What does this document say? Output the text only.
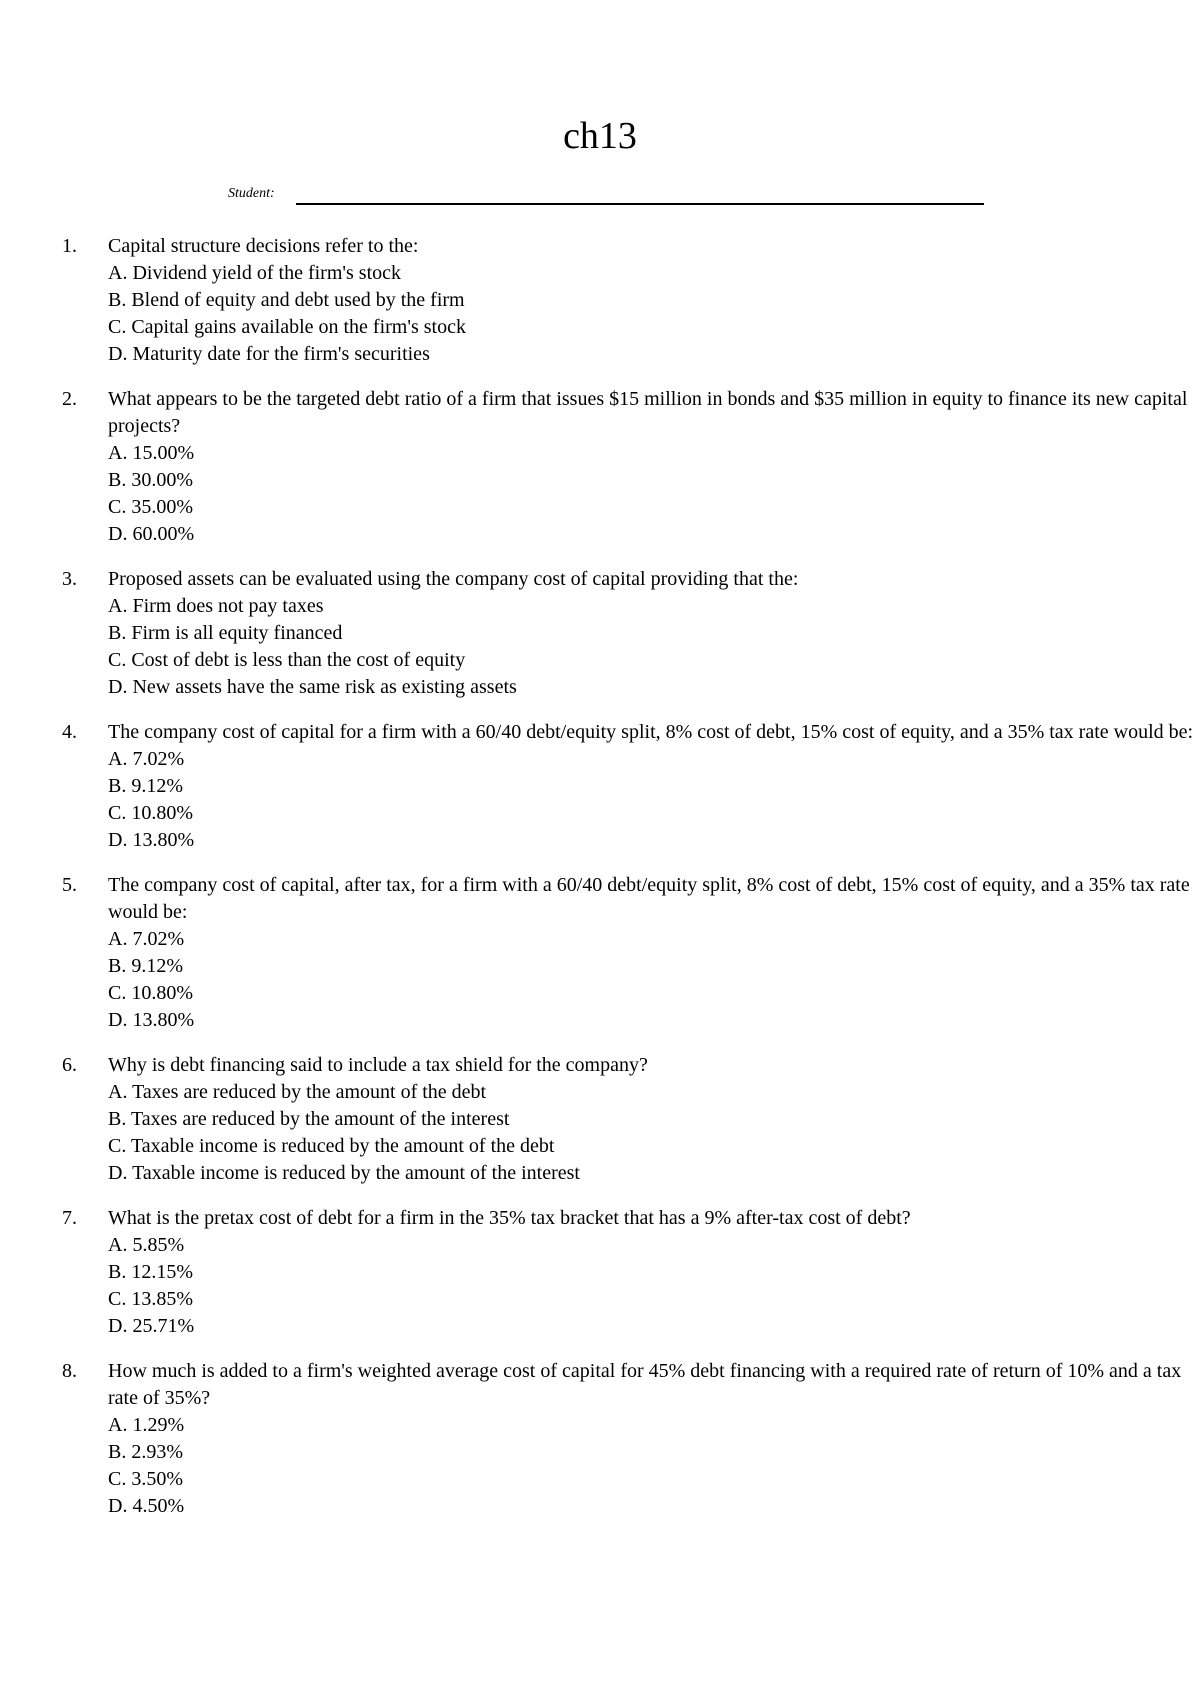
ch13
Student:
1.	Capital structure decisions refer to the:
A. Dividend yield of the firm's stock
B. Blend of equity and debt used by the firm
C. Capital gains available on the firm's stock
D. Maturity date for the firm's securities
2.	What appears to be the targeted debt ratio of a firm that issues $15 million in bonds and $35 million in equity to finance its new capital projects?
A. 15.00%
B. 30.00%
C. 35.00%
D. 60.00%
3.	Proposed assets can be evaluated using the company cost of capital providing that the:
A. Firm does not pay taxes
B. Firm is all equity financed
C. Cost of debt is less than the cost of equity
D. New assets have the same risk as existing assets
4.	The company cost of capital for a firm with a 60/40 debt/equity split, 8% cost of debt, 15% cost of equity, and a 35% tax rate would be:
A. 7.02%
B. 9.12%
C. 10.80%
D. 13.80%
5.	The company cost of capital, after tax, for a firm with a 60/40 debt/equity split, 8% cost of debt, 15% cost of equity, and a 35% tax rate would be:
A. 7.02%
B. 9.12%
C. 10.80%
D. 13.80%
6.	Why is debt financing said to include a tax shield for the company?
A. Taxes are reduced by the amount of the debt
B. Taxes are reduced by the amount of the interest
C. Taxable income is reduced by the amount of the debt
D. Taxable income is reduced by the amount of the interest
7.	What is the pretax cost of debt for a firm in the 35% tax bracket that has a 9% after-tax cost of debt?
A. 5.85%
B. 12.15%
C. 13.85%
D. 25.71%
8.	How much is added to a firm's weighted average cost of capital for 45% debt financing with a required rate of return of 10% and a tax rate of 35%?
A. 1.29%
B. 2.93%
C. 3.50%
D. 4.50%
